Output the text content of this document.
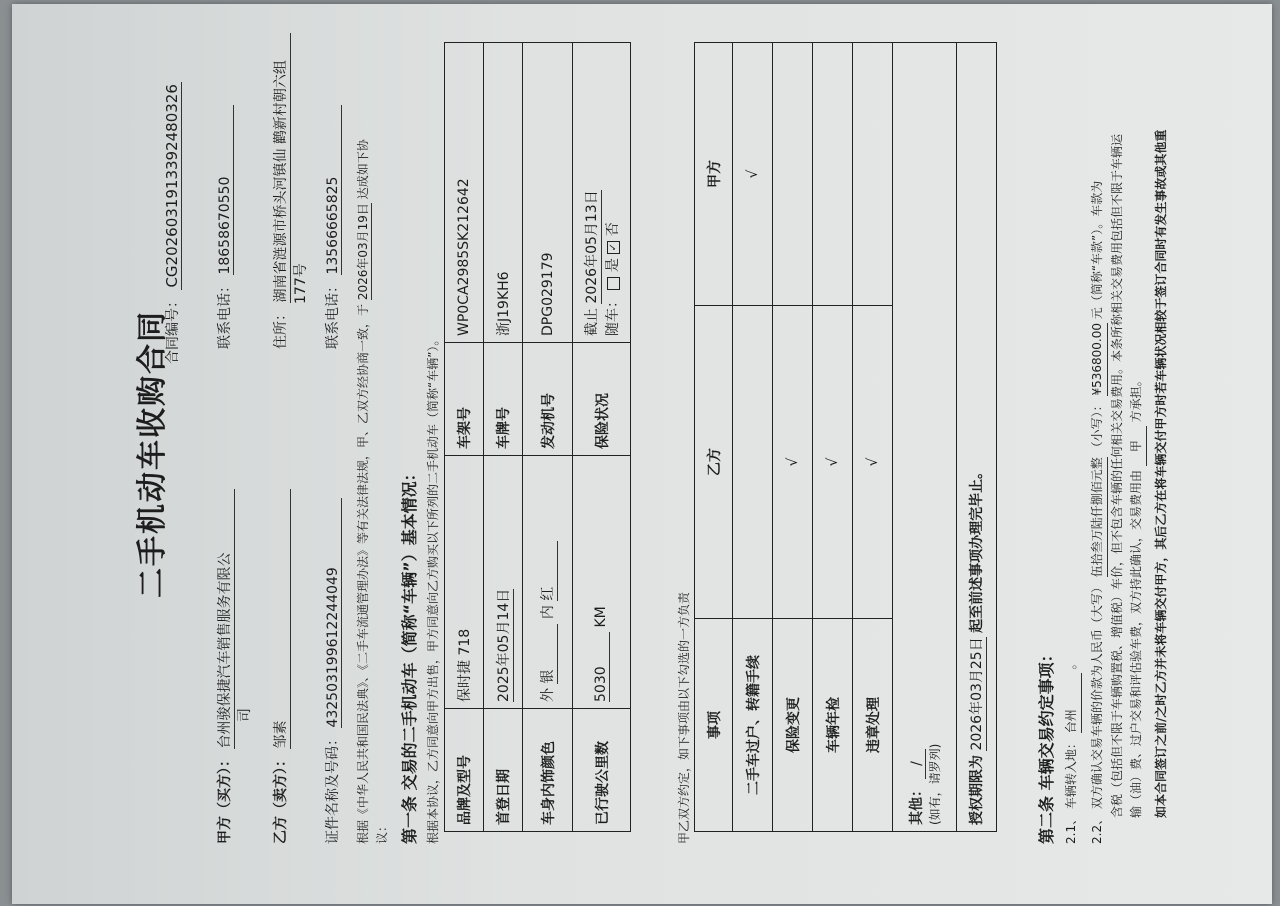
二手机动车收购合同
合同编号： CG20260319133924803​26
甲方（买方）： 台州骏保捷汽车销售服务有限公 司
联系电话： 18658670550
乙方（卖方）： 邹素
住所： 湖南省涟源市桥头河镇仙 鹳新村朝六组 177号
证件名称及号码： 432503199612244049
联系电话： 13566665825
根据《中华人民共和国民法典》、《二手车流通管理办法》等有关法律法规，甲、乙双方经协商一致，于 2026年03月19日 达成如下协
议： 第一条 交易的二手机动车（简称“车辆”）基本情况： 根据本协议，乙方同意向甲方出售，甲方同意向乙方购买以下所列的二手机动车（简称“车辆”）。 品牌及型号	保时捷 718	车架号	WP0CA2985SK212642
首登日期	2025年05月14日	车牌号	浙J19KH6
车身内饰颜色	外 银 内 红	发动机号	DPG029179
已行驶公里数	5030 KM	保险状况	截止 2026年05月13日
随车：  是 ✓ 否
甲乙双方约定，如下事项由以下勾选的一方负责 事项	乙方	甲方
二手车过户、转籍手续		√
保险变更	√	
车辆年检	√	
违章处理	√	

其他： / (如有，请罗列)		

授权期限为 2026年03月25日 起至前述事项办理完毕止。		
第二条 车辆交易约定事项： 2.1、 车辆转入地： 台州 。
2.2、 双方确认交易车辆的价款为人民币（大写） 伍拾叁万陆仟捌佰元整 （小写）： ¥536800.00 元（简称“车款”）。车款为 含税（包括但不限于车辆购置税、增值税）车价，但不包含车辆的任何相关交易费用。本条所称相关交易费用包括但不限于车辆运 输（油）费、过户交易和评估验车费，双方持此确认，交易费用由 甲 方承担。 如本合同签订之前/之时乙方并未将车辆交付甲方，其后乙方在将车辆交付甲方时若车辆状况相较于签订合同时有发生事故或其他重
